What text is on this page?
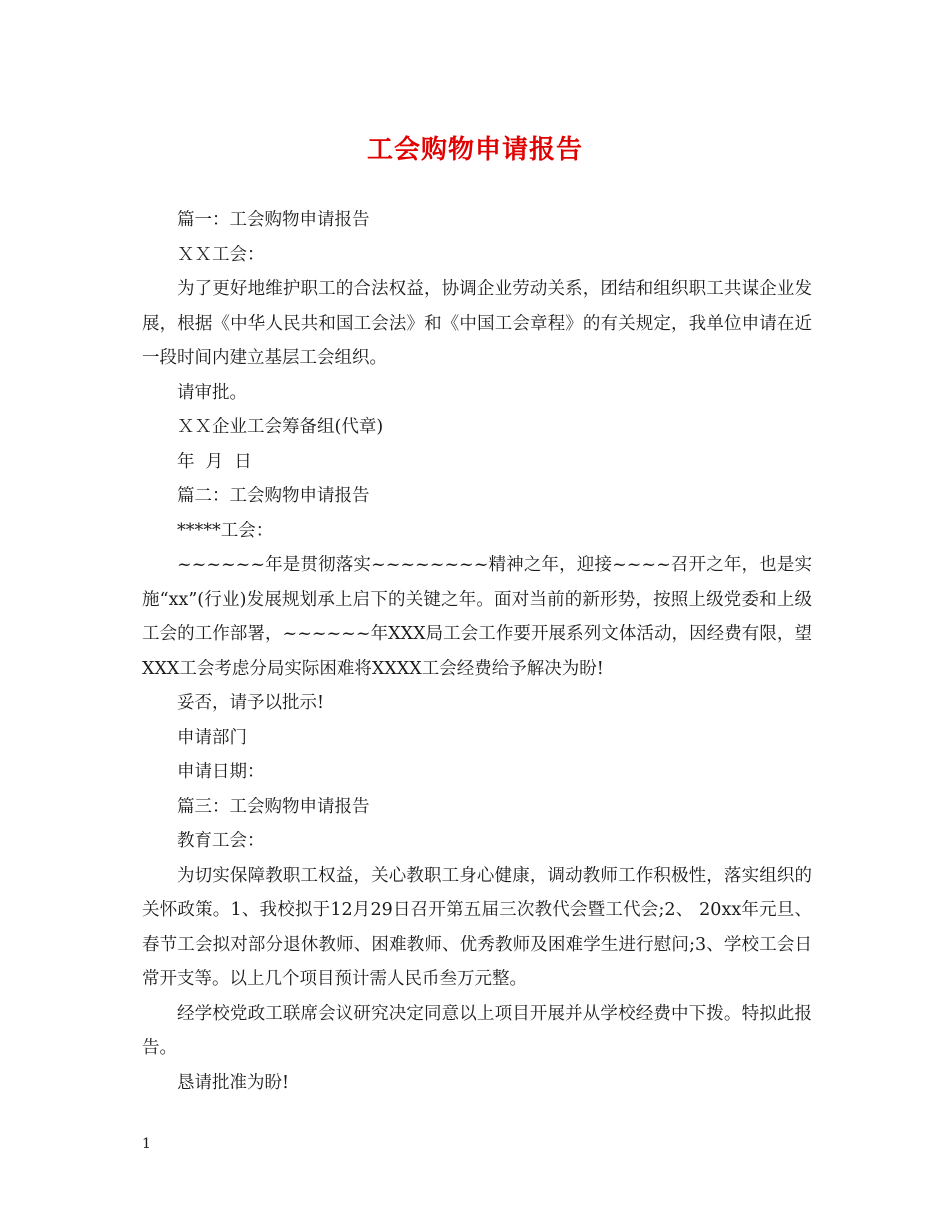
工会购物申请报告

篇一：工会购物申请报告

ＸＸ工会：

为了更好地维护职工的合法权益，协调企业劳动关系，团结和组织职工共谋企业发展，根据《中华人民共和国工会法》和《中国工会章程》的有关规定，我单位申请在近一段时间内建立基层工会组织。

请审批。

ＸＸ企业工会筹备组(代章)

年  月  日

篇二：工会购物申请报告

*****工会：

~~~~~~年是贯彻落实~~~~~~~~精神之年，迎接~~~~召开之年，也是实施“xx”(行业)发展规划承上启下的关键之年。面对当前的新形势，按照上级党委和上级工会的工作部署，~~~~~~年XXX局工会工作要开展系列文体活动，因经费有限，望XXX工会考虑分局实际困难将XXXX工会经费给予解决为盼!

妥否，请予以批示!

申请部门

申请日期：

篇三：工会购物申请报告

教育工会：

为切实保障教职工权益，关心教职工身心健康，调动教师工作积极性，落实组织的关怀政策。1、我校拟于12月29日召开第五届三次教代会暨工代会;2、 20xx年元旦、春节工会拟对部分退休教师、困难教师、优秀教师及困难学生进行慰问;3、学校工会日常开支等。以上几个项目预计需人民币叁万元整。

经学校党政工联席会议研究决定同意以上项目开展并从学校经费中下拨。特拟此报告。

恳请批准为盼!

1
